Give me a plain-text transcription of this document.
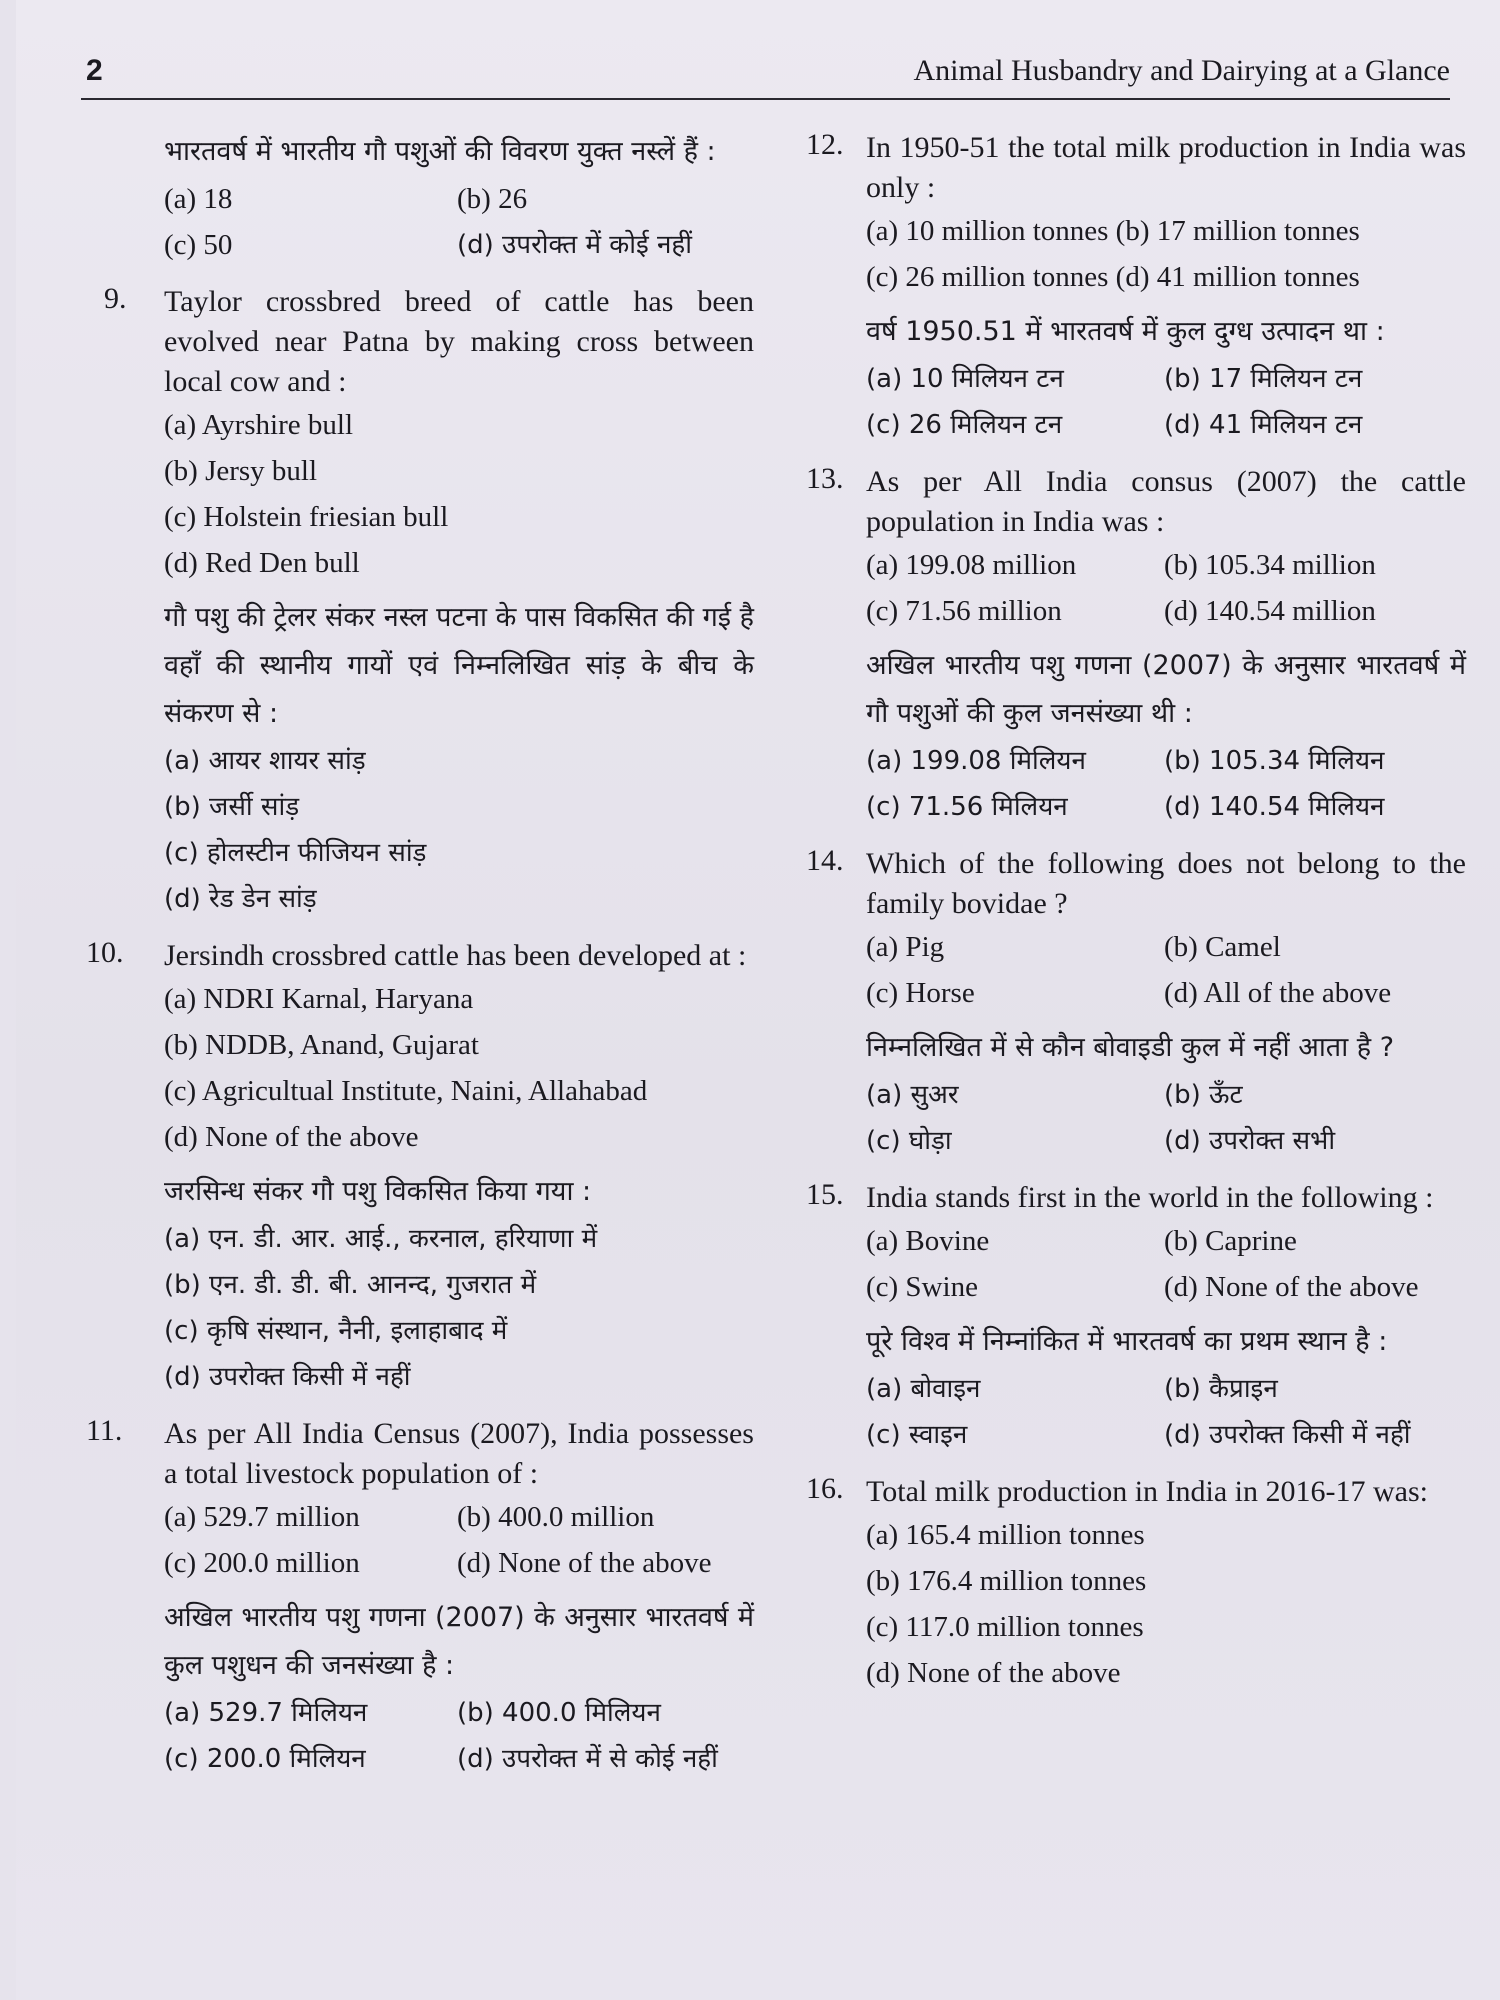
2	Animal Husbandry and Dairying at a Glance
भारतवर्ष में भारतीय गौ पशुओं की विवरण युक्त नस्लें हैं :
(a) 18	(b) 26
(c) 50	(d) उपरोक्त में कोई नहीं
9. Taylor crossbred breed of cattle has been evolved near Patna by making cross between local cow and :
(a) Ayrshire bull
(b) Jersy bull
(c) Holstein friesian bull
(d) Red Den bull
गौ पशु की ट्रेलर संकर नस्ल पटना के पास विकसित की गई है वहाँ की स्थानीय गायों एवं निम्नलिखित सांड़ के बीच के संकरण से :
(a) आयर शायर सांड़
(b) जर्सी सांड़
(c) होलस्टीन फीजियन सांड़
(d) रेड डेन सांड़
10. Jersindh crossbred cattle has been developed at :
(a) NDRI Karnal, Haryana
(b) NDDB, Anand, Gujarat
(c) Agricultual Institute, Naini, Allahabad
(d) None of the above
जरसिन्ध संकर गौ पशु विकसित किया गया :
(a) एन. डी. आर. आई., करनाल, हरियाणा में
(b) एन. डी. डी. बी. आनन्द, गुजरात में
(c) कृषि संस्थान, नैनी, इलाहाबाद में
(d) उपरोक्त किसी में नहीं
11. As per All India Census (2007), India possesses a total livestock population of :
(a) 529.7 million	(b) 400.0 million
(c) 200.0 million	(d) None of the above
अखिल भारतीय पशु गणना (2007) के अनुसार भारतवर्ष में कुल पशुधन की जनसंख्या है :
(a) 529.7 मिलियन	(b) 400.0 मिलियन
(c) 200.0 मिलियन	(d) उपरोक्त में से कोई नहीं
12. In 1950-51 the total milk production in India was only :
(a) 10 million tonnes (b) 17 million tonnes
(c) 26 million tonnes (d) 41 million tonnes
वर्ष 1950.51 में भारतवर्ष में कुल दुग्ध उत्पादन था :
(a) 10 मिलियन टन	(b) 17 मिलियन टन
(c) 26 मिलियन टन	(d) 41 मिलियन टन
13. As per All India consus (2007) the cattle population in India was :
(a) 199.08 million	(b) 105.34 million
(c) 71.56 million	(d) 140.54 million
अखिल भारतीय पशु गणना (2007) के अनुसार भारतवर्ष में गौ पशुओं की कुल जनसंख्या थी :
(a) 199.08 मिलियन	(b) 105.34 मिलियन
(c) 71.56 मिलियन	(d) 140.54 मिलियन
14. Which of the following does not belong to the family bovidae ?
(a) Pig	(b) Camel
(c) Horse	(d) All of the above
निम्नलिखित में से कौन बोवाइडी कुल में नहीं आता है ?
(a) सुअर	(b) ऊँट
(c) घोड़ा	(d) उपरोक्त सभी
15. India stands first in the world in the following :
(a) Bovine	(b) Caprine
(c) Swine	(d) None of the above
पूरे विश्व में निम्नांकित में भारतवर्ष का प्रथम स्थान है :
(a) बोवाइन	(b) कैप्राइन
(c) स्वाइन	(d) उपरोक्त किसी में नहीं
16. Total milk production in India in 2016-17 was:
(a) 165.4 million tonnes
(b) 176.4 million tonnes
(c) 117.0 million tonnes
(d) None of the above
